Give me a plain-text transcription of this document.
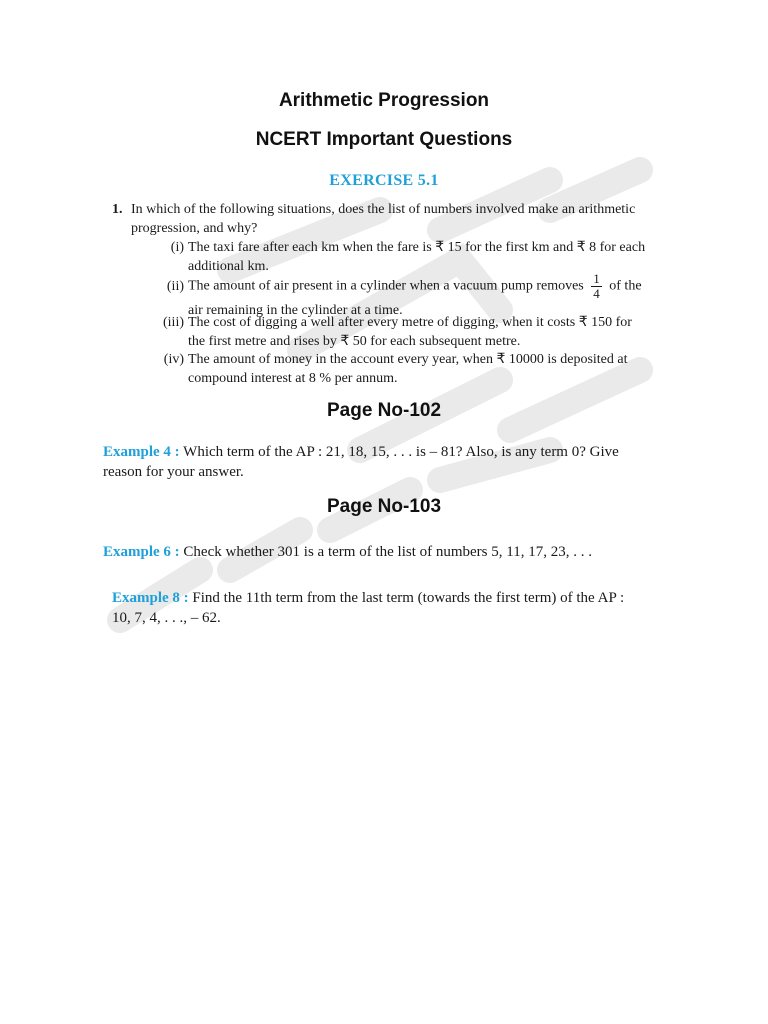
Arithmetic Progression
NCERT Important Questions
EXERCISE 5.1
1. In which of the following situations, does the list of numbers involved make an arithmetic progression, and why?
(i) The taxi fare after each km when the fare is ₹ 15 for the first km and ₹ 8 for each additional km.
(ii) The amount of air present in a cylinder when a vacuum pump removes $\frac{1}{4}$ of the air remaining in the cylinder at a time.
(iii) The cost of digging a well after every metre of digging, when it costs ₹ 150 for the first metre and rises by ₹ 50 for each subsequent metre.
(iv) The amount of money in the account every year, when ₹ 10000 is deposited at compound interest at 8 % per annum.
Page No-102
Example 4 : Which term of the AP : 21, 18, 15, . . . is – 81? Also, is any term 0? Give reason for your answer.
Page No-103
Example 6 : Check whether 301 is a term of the list of numbers 5, 11, 17, 23, . . .
Example 8 : Find the 11th term from the last term (towards the first term) of the AP : 10, 7, 4, . . ., – 62.
